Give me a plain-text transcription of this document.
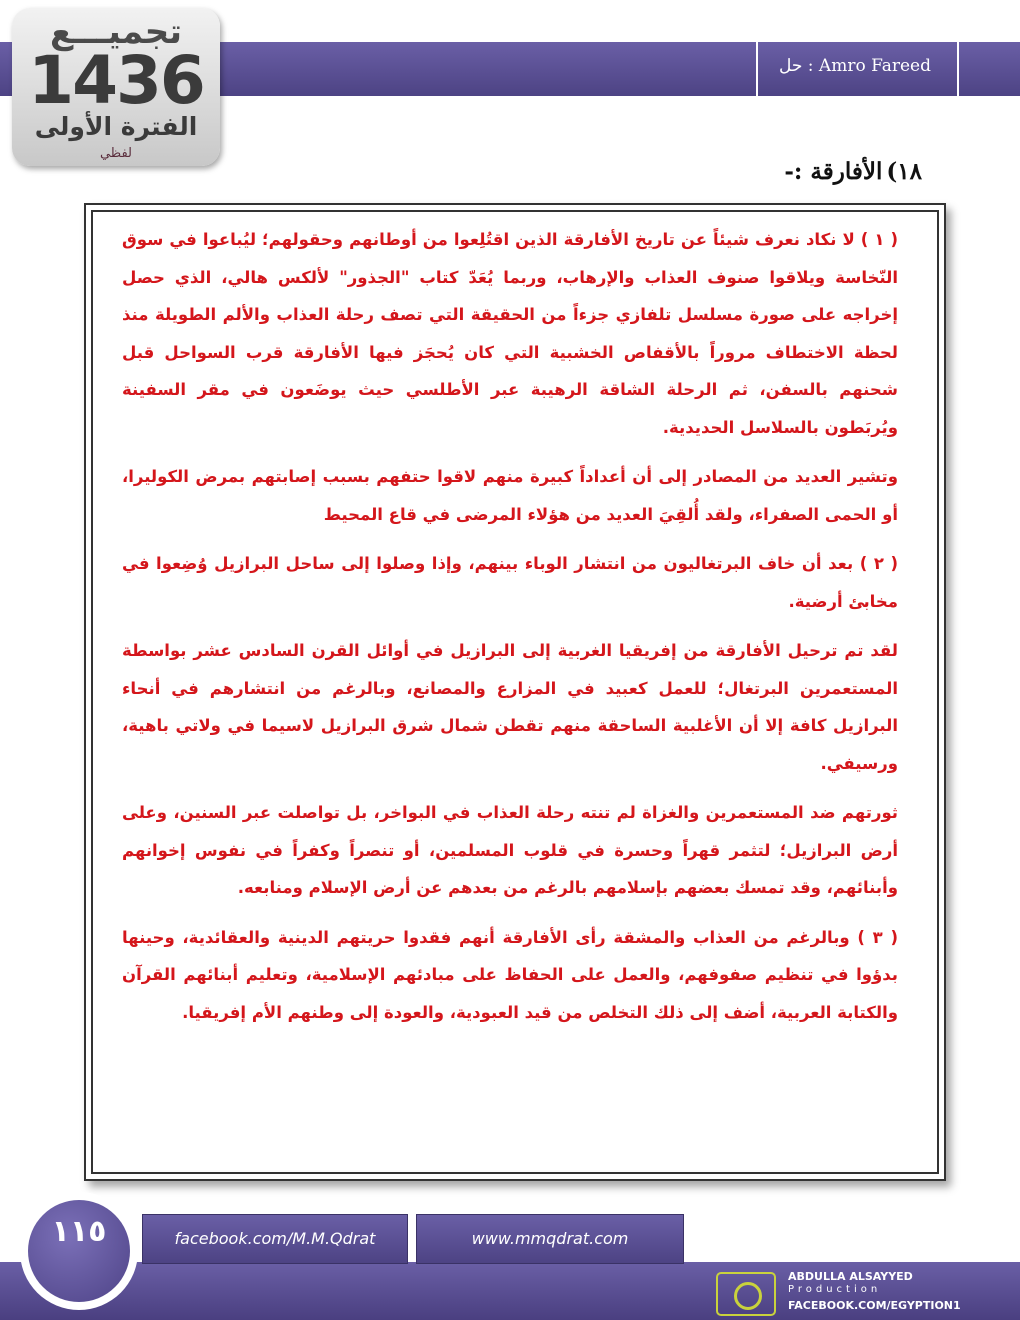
Amro Fareed : حل
تجميـــع
1436
الفترة الأولى
لفظي
١٨)الأفارقة :-

( ١ ) لا نكاد نعرف شيئاً عن تاريخ الأفارقة الذين اقتُلِعوا من أوطانهم وحقولهم؛ ليُباعوا في سوق النّخاسة ويلاقوا صنوف العذاب والإرهاب، وربما يُعَدّ كتاب "الجذور" لألكس هالي، الذي حصل إخراجه على صورة مسلسل تلفازي جزءاً من الحقيقة التي تصف رحلة العذاب والألم الطويلة منذ لحظة الاختطاف مروراً بالأقفاص الخشبية التي كان يُحجَز فيها الأفارقة قرب السواحل قبل شحنهم بالسفن، ثم الرحلة الشاقة الرهيبة عبر الأطلسي حيث يوضَعون في مقر السفينة ويُربَطون بالسلاسل الحديدية.

وتشير العديد من المصادر إلى أن أعداداً كبيرة منهم لاقوا حتفهم بسبب إصابتهم بمرض الكوليرا، أو الحمى الصفراء، ولقد أُلقِيَ العديد من هؤلاء المرضى في قاع المحيط

( ٢ ) بعد أن خاف البرتغاليون من انتشار الوباء بينهم، وإذا وصلوا إلى ساحل البرازيل وُضِعوا في مخابئ أرضية.

لقد تم ترحيل الأفارقة من إفريقيا الغربية إلى البرازيل في أوائل القرن السادس عشر بواسطة المستعمرين البرتغال؛ للعمل كعبيد في المزارع والمصانع، وبالرغم من انتشارهم في أنحاء البرازيل كافة إلا أن الأغلبية الساحقة منهم تقطن شمال شرق البرازيل لاسيما في ولاتي باهية، ورسيفي.

ثورتهم ضد المستعمرين والغزاة لم تنته رحلة العذاب في البواخر، بل تواصلت عبر السنين، وعلى أرض البرازيل؛ لتثمر قهراً وحسرة في قلوب المسلمين، أو تنصراً وكفراً في نفوس إخوانهم وأبنائهم، وقد تمسك بعضهم بإسلامهم بالرغم من بعدهم عن أرض الإسلام ومنابعه.

( ٣ ) وبالرغم من العذاب والمشقة رأى الأفارقة أنهم فقدوا حريتهم الدينية والعقائدية، وحينها بدؤوا في تنظيم صفوفهم، والعمل على الحفاظ على مبادئهم الإسلامية، وتعليم أبنائهم القرآن والكتابة العربية، أضف إلى ذلك التخلص من قيد العبودية، والعودة إلى وطنهم الأم إفريقيا.

١١٥	facebook.com/M.M.Qdrat	www.mmqdrat.com
ABDULLA ALSAYYED
Production
FACEBOOK.COM/EGYPTION1
